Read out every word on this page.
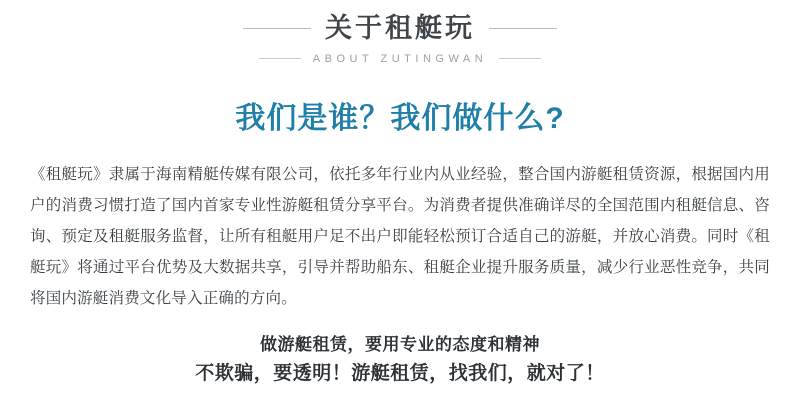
关于租艇玩
ABOUT ZUTINGWAN
我们是谁？我们做什么?
《租艇玩》隶属于海南精艇传媒有限公司，依托多年行业内从业经验，整合国内游艇租赁资源，根据国内用户的消费习惯打造了国内首家专业性游艇租赁分享平台。为消费者提供准确详尽的全国范围内租艇信息、咨询、预定及租艇服务监督，让所有租艇用户足不出户即能轻松预订合适自己的游艇，并放心消费。同时《租艇玩》将通过平台优势及大数据共享，引导并帮助船东、租艇企业提升服务质量，减少行业恶性竞争，共同将国内游艇消费文化导入正确的方向。
做游艇租赁，要用专业的态度和精神
不欺骗，要透明！游艇租赁，找我们，就对了！
